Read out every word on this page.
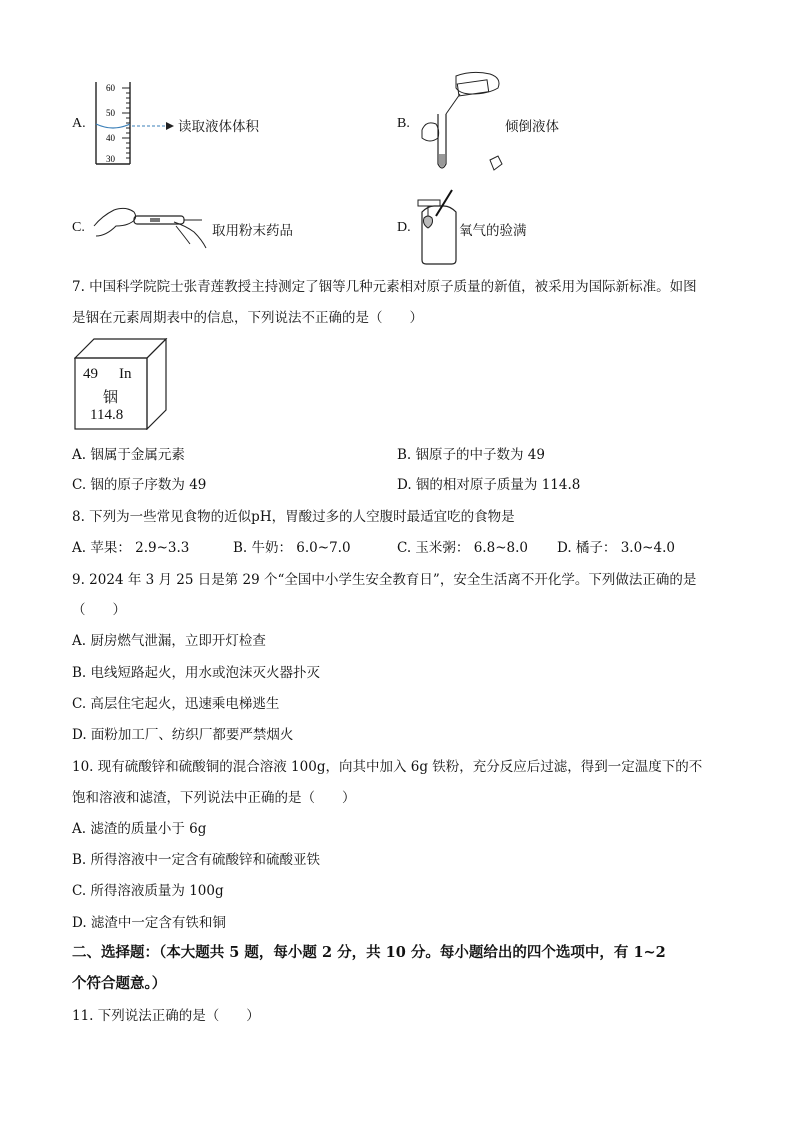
A.
60
50
40
30
读取液体体积	B.	倾倒液体
C.	取用粉末药品	D.	氧气的验满
7. 中国科学院院士张青莲教授主持测定了铟等几种元素相对原子质量的新值，被采用为国际新标准。如图
是铟在元素周期表中的信息，下列说法不正确的是（　　）
49 In
铟
114.8
A. 铟属于金属元素	B. 铟原子的中子数为 49
C. 铟的原子序数为 49	D. 铟的相对原子质量为 114.8
8. 下列为一些常见食物的近似pH，胃酸过多的人空腹时最适宜吃的食物是
A. 苹果： 2.9~3.3	B. 牛奶： 6.0~7.0	C. 玉米粥： 6.8~8.0 D. 橘子： 3.0~4.0
9. 2024 年 3 月 25 日是第 29 个“全国中小学生安全教育日”，安全生活离不开化学。下列做法正确的是
（　　）
A. 厨房燃气泄漏，立即开灯检查
B. 电线短路起火，用水或泡沫灭火器扑灭
C. 高层住宅起火，迅速乘电梯逃生
D. 面粉加工厂、纺织厂都要严禁烟火
10. 现有硫酸锌和硫酸铜的混合溶液 100g，向其中加入 6g 铁粉，充分反应后过滤，得到一定温度下的不
饱和溶液和滤渣，下列说法中正确的是（　　）
A. 滤渣的质量小于 6g
B. 所得溶液中一定含有硫酸锌和硫酸亚铁
C. 所得溶液质量为 100g
D. 滤渣中一定含有铁和铜
二、选择题：（本大题共 5 题，每小题 2 分，共 10 分。每小题给出的四个选项中，有 1~2
个符合题意。）
11. 下列说法正确的是（　　）
